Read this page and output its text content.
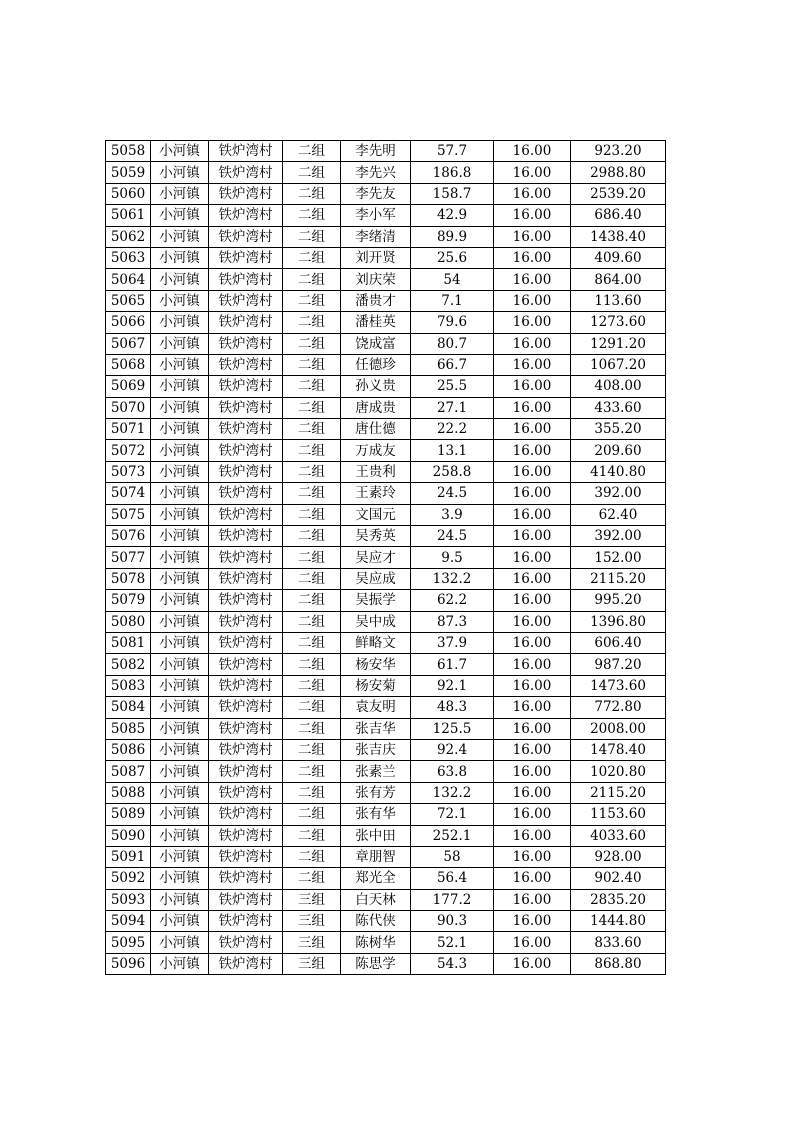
5058	小河镇	铁炉湾村	二组	李先明	57.7	16.00	923.20
5059	小河镇	铁炉湾村	二组	李先兴	186.8	16.00	2988.80
5060	小河镇	铁炉湾村	二组	李先友	158.7	16.00	2539.20
5061	小河镇	铁炉湾村	二组	李小军	42.9	16.00	686.40
5062	小河镇	铁炉湾村	二组	李绪清	89.9	16.00	1438.40
5063	小河镇	铁炉湾村	二组	刘开贤	25.6	16.00	409.60
5064	小河镇	铁炉湾村	二组	刘庆荣	54	16.00	864.00
5065	小河镇	铁炉湾村	二组	潘贵才	7.1	16.00	113.60
5066	小河镇	铁炉湾村	二组	潘桂英	79.6	16.00	1273.60
5067	小河镇	铁炉湾村	二组	饶成富	80.7	16.00	1291.20
5068	小河镇	铁炉湾村	二组	任德珍	66.7	16.00	1067.20
5069	小河镇	铁炉湾村	二组	孙义贵	25.5	16.00	408.00
5070	小河镇	铁炉湾村	二组	唐成贵	27.1	16.00	433.60
5071	小河镇	铁炉湾村	二组	唐仕德	22.2	16.00	355.20
5072	小河镇	铁炉湾村	二组	万成友	13.1	16.00	209.60
5073	小河镇	铁炉湾村	二组	王贵利	258.8	16.00	4140.80
5074	小河镇	铁炉湾村	二组	王素玲	24.5	16.00	392.00
5075	小河镇	铁炉湾村	二组	文国元	3.9	16.00	62.40
5076	小河镇	铁炉湾村	二组	吴秀英	24.5	16.00	392.00
5077	小河镇	铁炉湾村	二组	吴应才	9.5	16.00	152.00
5078	小河镇	铁炉湾村	二组	吴应成	132.2	16.00	2115.20
5079	小河镇	铁炉湾村	二组	吴振学	62.2	16.00	995.20
5080	小河镇	铁炉湾村	二组	吴中成	87.3	16.00	1396.80
5081	小河镇	铁炉湾村	二组	鲜略文	37.9	16.00	606.40
5082	小河镇	铁炉湾村	二组	杨安华	61.7	16.00	987.20
5083	小河镇	铁炉湾村	二组	杨安菊	92.1	16.00	1473.60
5084	小河镇	铁炉湾村	二组	袁友明	48.3	16.00	772.80
5085	小河镇	铁炉湾村	二组	张吉华	125.5	16.00	2008.00
5086	小河镇	铁炉湾村	二组	张吉庆	92.4	16.00	1478.40
5087	小河镇	铁炉湾村	二组	张素兰	63.8	16.00	1020.80
5088	小河镇	铁炉湾村	二组	张有芳	132.2	16.00	2115.20
5089	小河镇	铁炉湾村	二组	张有华	72.1	16.00	1153.60
5090	小河镇	铁炉湾村	二组	张中田	252.1	16.00	4033.60
5091	小河镇	铁炉湾村	二组	章朋智	58	16.00	928.00
5092	小河镇	铁炉湾村	二组	郑光全	56.4	16.00	902.40
5093	小河镇	铁炉湾村	三组	白天林	177.2	16.00	2835.20
5094	小河镇	铁炉湾村	三组	陈代侠	90.3	16.00	1444.80
5095	小河镇	铁炉湾村	三组	陈树华	52.1	16.00	833.60
5096	小河镇	铁炉湾村	三组	陈思学	54.3	16.00	868.80
